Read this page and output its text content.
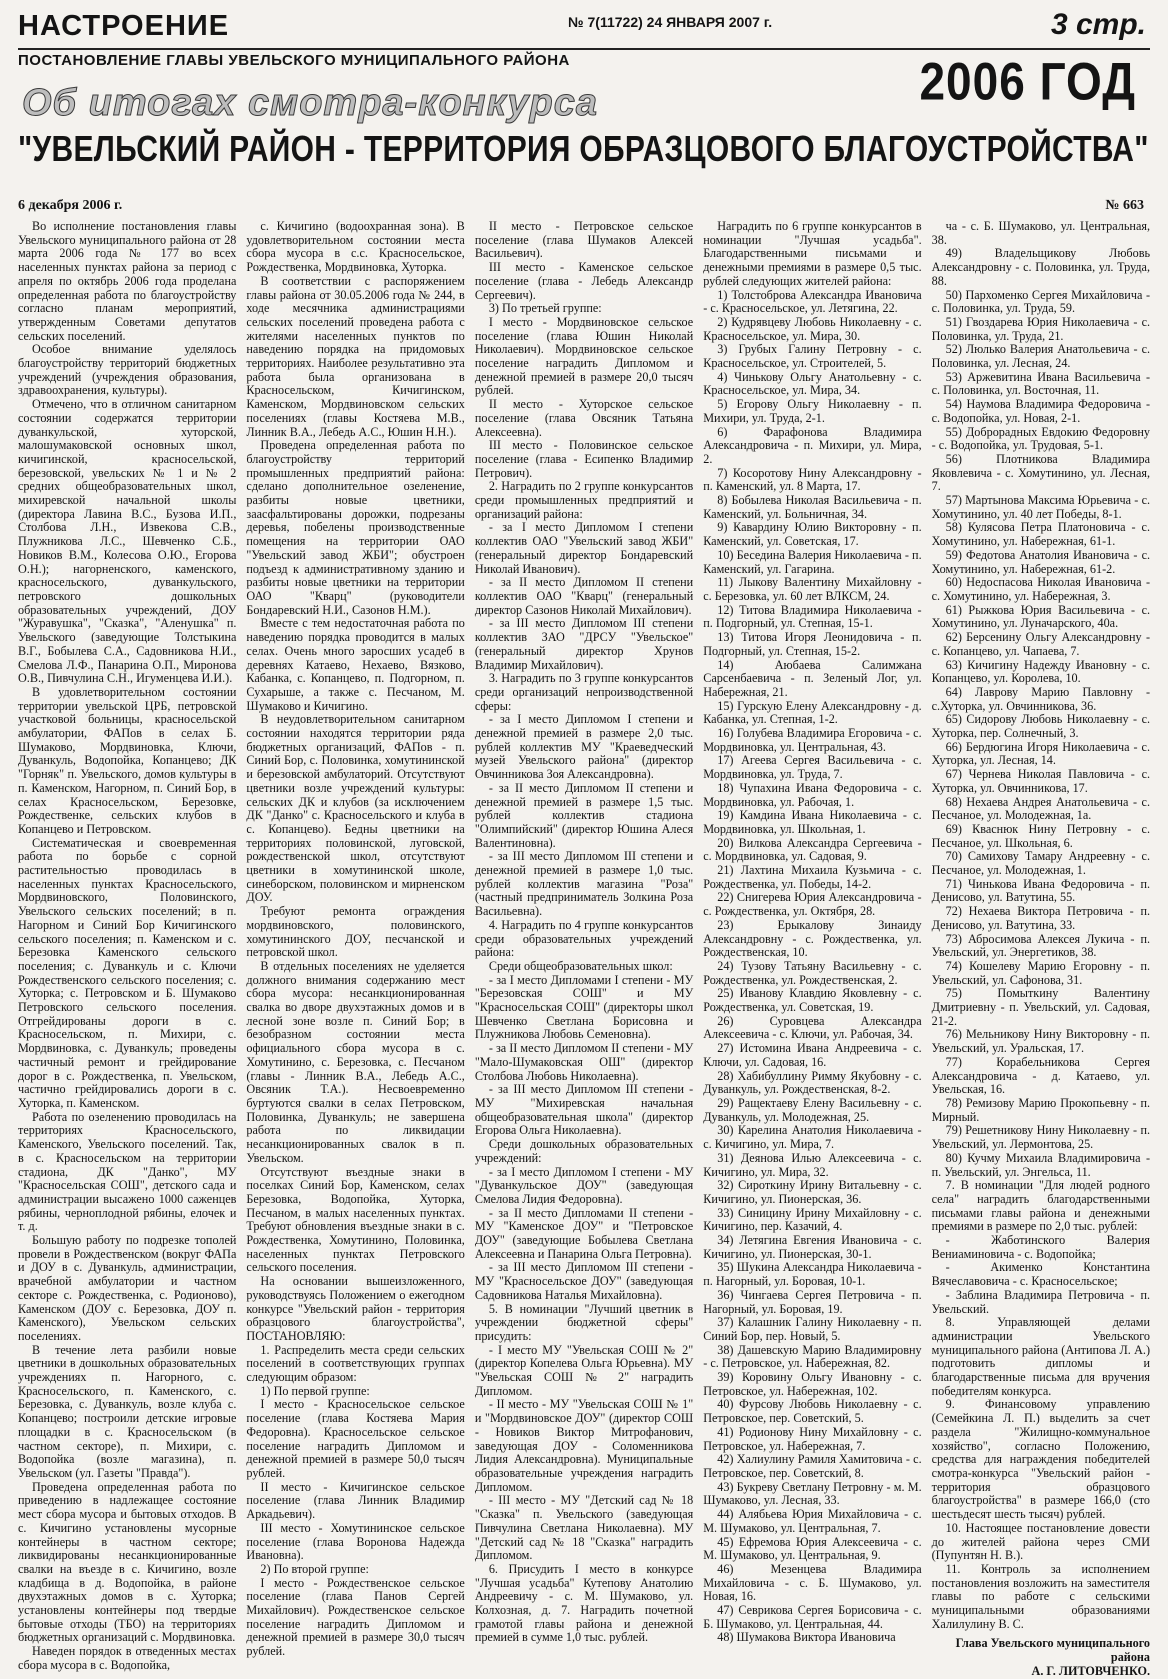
НАСТРОЕНИЕ	№ 7(11722) 24 ЯНВАРЯ 2007 г.	3 стр.
ПОСТАНОВЛЕНИЕ ГЛАВЫ УВЕЛЬСКОГО МУНИЦИПАЛЬНОГО РАЙОНА	2006 ГОД
Об итогах смотра-конкурса
"УВЕЛЬСКИЙ РАЙОН - ТЕРРИТОРИЯ ОБРАЗЦОВОГО БЛАГОУСТРОЙСТВА"
6 декабря 2006 г.	№ 663

Во исполнение постановления главы Увельского муниципального района от 28 марта 2006 года № 177 во всех населенных пунктах района за период с апреля по октябрь 2006 года проделана определенная работа по благоустройству согласно планам мероприятий, утвержденным Советами депутатов сельских поселений.

Особое внимание уделялось благоустройству территорий бюджетных учреждений (учреждения образования, здравоохранения, культуры).

Отмечено, что в отличном санитарном состоянии содержатся территории дуванкульской, хуторской, малошумаковской основных школ, кичигинской, красносельской, березовской, увельских № 1 и № 2 средних общеобразовательных школ, михиревской начальной школы (директора Лавина В.С., Бузова И.П., Столбова Л.Н., Извекова С.В., Плужникова Л.С., Шевченко С.Б., Новиков В.М., Колесова О.Ю., Егорова О.Н.); нагорненского, каменского, красносельского, дуванкульского, петровского дошкольных образовательных учреждений, ДОУ "Журавушка", "Сказка", "Аленушка" п. Увельского (заведующие Толстыкина В.Г., Бобылева С.А., Садовникова Н.И., Смелова Л.Ф., Панарина О.П., Миронова О.В., Пивчулина С.Н., Игуменцева И.И.).

В удовлетворительном состоянии территории увельской ЦРБ, петровской участковой больницы, красносельской амбулатории, ФАПов в селах Б. Шумаково, Мордвиновка, Ключи, Дуванкуль, Водопойка, Копанцево; ДК "Горняк" п. Увельского, домов культуры в п. Каменском, Нагорном, п. Синий Бор, в селах Красносельском, Березовке, Рождественке, сельских клубов в Копанцево и Петровском.

Систематическая и своевременная работа по борьбе с сорной растительностью проводилась в населенных пунктах Красносельского, Мордвиновского, Половинского, Увельского сельских поселений; в п. Нагорном и Синий Бор Кичигинского сельского поселения; п. Каменском и с. Березовка Каменского сельского поселения; с. Дуванкуль и с. Ключи Рождественского сельского поселения; с. Хуторка; с. Петровском и Б. Шумаково Петровского сельского поселения. Отгрейдированы дороги в с. Красносельском, п. Михири, с. Мордвиновка, с. Дуванкуль; проведены частичный ремонт и грейдирование дорог в с. Рождественка, п. Увельском, частично грейдировались дороги в с. Хуторка, п. Каменском.

Работа по озеленению проводилась на территориях Красносельского, Каменского, Увельского поселений. Так, в с. Красносельском на территории стадиона, ДК "Данко", МУ "Красносельская СОШ", детского сада и администрации высажено 1000 саженцев рябины, черноплодной рябины, елочек и т. д.

Большую работу по подрезке тополей провели в Рождественском (вокруг ФАПа и ДОУ в с. Дуванкуль, администрации, врачебной амбулатории и частном секторе с. Рождественка, с. Родионово), Каменском (ДОУ с. Березовка, ДОУ п. Каменского), Увельском сельских поселениях.

В течение лета разбили новые цветники в дошкольных образовательных учреждениях п. Нагорного, с. Красносельского, п. Каменского, с. Березовка, с. Дуванкуль, возле клуба с. Копанцево; построили детские игровые площадки в с. Красносельском (в частном секторе), п. Михири, с. Водопойка (возле магазина), п. Увельском (ул. Газеты "Правда").

Проведена определенная работа по приведению в надлежащее состояние мест сбора мусора и бытовых отходов. В с. Кичигино установлены мусорные контейнеры в частном секторе; ликвидированы несанкционированные свалки на въезде в с. Кичигино, возле кладбища в д. Водопойка, в районе двухэтажных домов в с. Хуторка; установлены контейнеры под твердые бытовые отходы (ТБО) на территориях бюджетных организаций с. Мордвиновка.

Наведен порядок в отведенных местах сбора мусора в с. Водопойка,

с. Кичигино (водоохранная зона). В удовлетворительном состоянии места сбора мусора в с.с. Красносельское, Рождественка, Мордвиновка, Хуторка.

В соответствии с распоряжением главы района от 30.05.2006 года № 244, в ходе месячника администрациями сельских поселений проведена работа с жителями населенных пунктов по наведению порядка на придомовых территориях. Наиболее результативно эта работа была организована в Красносельском, Кичигинском, Каменском, Мордвиновском сельских поселениях (главы Костяева М.В., Линник В.А., Лебедь А.С., Юшин Н.Н.).

Проведена определенная работа по благоустройству территорий промышленных предприятий района: сделано дополнительное озеленение, разбиты новые цветники, заасфальтированы дорожки, подрезаны деревья, побелены производственные помещения на территории ОАО "Увельский завод ЖБИ"; обустроен подъезд к административному зданию и разбиты новые цветники на территории ОАО "Кварц" (руководители Бондаревский Н.И., Сазонов Н.М.).

Вместе с тем недостаточная работа по наведению порядка проводится в малых селах. Очень много заросших усадеб в деревнях Катаево, Нехаево, Вязково, Кабанка, с. Копанцево, п. Подгорном, п. Сухарыше, а также с. Песчаном, М. Шумаково и Кичигино.

В неудовлетворительном санитарном состоянии находятся территории ряда бюджетных организаций, ФАПов - п. Синий Бор, с. Половинка, хомутининской и березовской амбулаторий. Отсутствуют цветники возле учреждений культуры: сельских ДК и клубов (за исключением ДК "Данко" с. Красносельского и клуба в с. Копанцево). Бедны цветники на территориях половинской, луговской, рождественской школ, отсутствуют цветники в хомутининской школе, синеборском, половинском и мирненском ДОУ.

Требуют ремонта ограждения мордвиновского, половинского, хомутининского ДОУ, песчанской и петровской школ.

В отдельных поселениях не уделяется должного внимания содержанию мест сбора мусора: несанкционированная свалка во дворе двухэтажных домов и в лесной зоне возле п. Синий Бор; в безобразном состоянии места официального сбора мусора в с. Хомутинино, с. Березовка, с. Песчаном (главы - Линник В.А., Лебедь А.С., Овсяник Т.А.). Несвоевременно буртуются свалки в селах Петровском, Половинка, Дуванкуль; не завершена работа по ликвидации несанкционированных свалок в п. Увельском.

Отсутствуют въездные знаки в поселках Синий Бор, Каменском, селах Березовка, Водопойка, Хуторка, Песчаном, в малых населенных пунктах. Требуют обновления въездные знаки в с. Рождественка, Хомутинино, Половинка, населенных пунктах Петровского сельского поселения.

На основании вышеизложенного, руководствуясь Положением о ежегодном конкурсе "Увельский район - территория образцового благоустройства", ПОСТАНОВЛЯЮ:

1. Распределить места среди сельских поселений в соответствующих группах следующим образом:

1) По первой группе:

I место - Красносельское сельское поселение (глава Костяева Мария Федоровна). Красносельское сельское поселение наградить Дипломом и денежной премией в размере 50,0 тысяч рублей.

II место - Кичигинское сельское поселение (глава Линник Владимир Аркадьевич).

III место - Хомутининское сельское поселение (глава Воронова Надежда Ивановна).

2) По второй группе:

I место - Рождественское сельское поселение (глава Панов Сергей Михайлович). Рождественское сельское поселение наградить Дипломом и денежной премией в размере 30,0 тысяч рублей.

II место - Петровское сельское поселение (глава Шумаков Алексей Васильевич).

III место - Каменское сельское поселение (глава - Лебедь Александр Сергеевич).

3) По третьей группе:

I место - Мордвиновское сельское поселение (глава Юшин Николай Николаевич). Мордвиновское сельское поселение наградить Дипломом и денежной премией в размере 20,0 тысяч рублей.

II место - Хуторское сельское поселение (глава Овсяник Татьяна Алексеевна).

III место - Половинское сельское поселение (глава - Есипенко Владимир Петрович).

2. Наградить по 2 группе конкурсантов среди промышленных предприятий и организаций района:

- за I место Дипломом I степени коллектив ОАО "Увельский завод ЖБИ" (генеральный директор Бондаревский Николай Иванович).

- за II место Дипломом II степени коллектив ОАО "Кварц" (генеральный директор Сазонов Николай Михайлович).

- за III место Дипломом III степени коллектив ЗАО "ДРСУ "Увельское" (генеральный директор Хрунов Владимир Михайлович).

3. Наградить по 3 группе конкурсантов среди организаций непроизводственной сферы:

- за I место Дипломом I степени и денежной премией в размере 2,0 тыс. рублей коллектив МУ "Краеведческий музей Увельского района" (директор Овчинникова Зоя Александровна).

- за II место Дипломом II степени и денежной премией в размере 1,5 тыс. рублей коллектив стадиона "Олимпийский" (директор Юшина Алеся Валентиновна).

- за III место Дипломом III степени и денежной премией в размере 1,0 тыс. рублей коллектив магазина "Роза" (частный предприниматель Золкина Роза Васильевна).

4. Наградить по 4 группе конкурсантов среди образовательных учреждений района:

Среди общеобразовательных школ:

- за I место Дипломами I степени - МУ "Березовская СОШ" и МУ "Красносельская СОШ" (директоры школ Шевченко Светлана Борисовна и Плужникова Любовь Семеновна).

- за II место Дипломом II степени - МУ "Мало-Шумаковская ОШ" (директор Столбова Любовь Николаевна).

- за III место Дипломом III степени - МУ "Михиревская начальная общеобразовательная школа" (директор Егорова Ольга Николаевна).

Среди дошкольных образовательных учреждений:

- за I место Дипломом I степени - МУ "Дуванкульское ДОУ" (заведующая Смелова Лидия Федоровна).

- за II место Дипломами II степени - МУ "Каменское ДОУ" и "Петровское ДОУ" (заведующие Бобылева Светлана Алексеевна и Панарина Ольга Петровна).

- за III место Дипломом III степени - МУ "Красносельское ДОУ" (заведующая Садовникова Наталья Михайловна).

5. В номинации "Лучший цветник в учреждении бюджетной сферы" присудить:

- I место МУ "Увельская СОШ № 2" (директор Копелева Ольга Юрьевна). МУ "Увельская СОШ № 2" наградить Дипломом.

- II место - МУ "Увельская СОШ № 1" и "Мордвиновское ДОУ" (директор СОШ - Новиков Виктор Митрофанович, заведующая ДОУ - Соломенникова Лидия Александровна). Муниципальные образовательные учреждения наградить Дипломом.

- III место - МУ "Детский сад № 18 "Сказка" п. Увельского (заведующая Пивчулина Светлана Николаевна). МУ "Детский сад № 18 "Сказка" наградить Дипломом.

6. Присудить I место в конкурсе "Лучшая усадьба" Кутепову Анатолию Андреевичу - с. М. Шумаково, ул. Колхозная, д. 7. Наградить почетной грамотой главы района и денежной премией в сумме 1,0 тыс. рублей.

Наградить по 6 группе конкурсантов в номинации "Лучшая усадьба". Благодарственными письмами и денежными премиями в размере 0,5 тыс. рублей следующих жителей района:

1) Толстоброва Александра Ивановича - с. Красносельское, ул. Летягина, 22.

2) Кудрявцеву Любовь Николаевну - с. Красносельское, ул. Мира, 30.

3) Грубых Галину Петровну - с. Красносельское, ул. Строителей, 5.

4) Чинькову Ольгу Анатольевну - с. Красносельское, ул. Мира, 34.

5) Егорову Ольгу Николаевну - п. Михири, ул. Труда, 2-1.

6) Фарафонова Владимира Александровича - п. Михири, ул. Мира, 2.

7) Косоротову Нину Александровну - п. Каменский, ул. 8 Марта, 17.

8) Бобылева Николая Васильевича - п. Каменский, ул. Больничная, 34.

9) Кавардину Юлию Викторовну - п. Каменский, ул. Советская, 17.

10) Беседина Валерия Николаевича - п. Каменский, ул. Гагарина.

11) Лыкову Валентину Михайловну - с. Березовка, ул. 60 лет ВЛКСМ, 24.

12) Титова Владимира Николаевича - п. Подгорный, ул. Степная, 15-1.

13) Титова Игоря Леонидовича - п. Подгорный, ул. Степная, 15-2.

14) Аюбаева Салимжана Сарсенбаевича - п. Зеленый Лог, ул. Набережная, 21.

15) Гурскую Елену Александровну - д. Кабанка, ул. Степная, 1-2.

16) Голубева Владимира Егоровича - с. Мордвиновка, ул. Центральная, 43.

17) Агеева Сергея Васильевича - с. Мордвиновка, ул. Труда, 7.

18) Чупахина Ивана Федоровича - с. Мордвиновка, ул. Рабочая, 1.

19) Камдина Ивана Николаевича - с. Мордвиновка, ул. Школьная, 1.

20) Вилкова Александра Сергеевича - с. Мордвиновка, ул. Садовая, 9.

21) Лахтина Михаила Кузьмича - с. Рождественка, ул. Победы, 14-2.

22) Снигерева Юрия Александровича - с. Рождественка, ул. Октября, 28.

23) Ерыкалову Зинаиду Александровну - с. Рождественка, ул. Рождественская, 10.

24) Тузову Татьяну Васильевну - с. Рождественка, ул. Рождественская, 2.

25) Иванову Клавдию Яковлевну - с. Рождественка, ул. Советская, 19.

26) Суровцева Александра Алексеевича - с. Ключи, ул. Рабочая, 34.

27) Истомина Ивана Андреевича - с. Ключи, ул. Садовая, 16.

28) Хабибуллину Римму Якубовну - с. Дуванкуль, ул. Рождественская, 8-2.

29) Ращектаеву Елену Васильевну - с. Дуванкуль, ул. Молодежная, 25.

30) Карелина Анатолия Николаевича - с. Кичигино, ул. Мира, 7.

31) Деянова Илью Алексеевича - с. Кичигино, ул. Мира, 32.

32) Сироткину Ирину Витальевну - с. Кичигино, ул. Пионерская, 36.

33) Синицину Ирину Михайловну - с. Кичигино, пер. Казачий, 4.

34) Летягина Евгения Ивановича - с. Кичигино, ул. Пионерская, 30-1.

35) Шукина Александра Николаевича - п. Нагорный, ул. Боровая, 10-1.

36) Чингаева Сергея Петровича - п. Нагорный, ул. Боровая, 19.

37) Калашник Галину Николаевну - п. Синий Бор, пер. Новый, 5.

38) Дашевскую Марию Владимировну - с. Петровское, ул. Набережная, 82.

39) Коровину Ольгу Ивановну - с. Петровское, ул. Набережная, 102.

40) Фурсову Любовь Николаевну - с. Петровское, пер. Советский, 5.

41) Родионову Нину Михайловну - с. Петровское, ул. Набережная, 7.

42) Халиулину Рамиля Хамитовича - с. Петровское, пер. Советский, 8.

43) Букреву Светлану Петровну - м. М. Шумаково, ул. Лесная, 33.

44) Алябьева Юрия Михайловича - с. М. Шумаково, ул. Центральная, 7.

45) Ефремова Юрия Алексеевича - с. М. Шумаково, ул. Центральная, 9.

46) Мезенцева Владимира Михайловича - с. Б. Шумаково, ул. Новая, 16.

47) Севрикова Сергея Борисовича - с. Б. Шумаково, ул. Центральная, 44.

48) Шумакова Виктора Ивановича

ча - с. Б. Шумаково, ул. Центральная, 38.

49) Владельщикову Любовь Александровну - с. Половинка, ул. Труда, 88.

50) Пархоменко Сергея Михайловича - с. Половинка, ул. Труда, 59.

51) Гвоздарева Юрия Николаевича - с. Половинка, ул. Труда, 21.

52) Люлько Валерия Анатольевича - с. Половинка, ул. Лесная, 24.

53) Аржевитина Ивана Васильевича - с. Половинка, ул. Восточная, 11.

54) Наумова Владимира Федоровича - с. Водопойка, ул. Новая, 2-1.

55) Доброрадных Евдокию Федоровну - с. Водопойка, ул. Трудовая, 5-1.

56) Плотникова Владимира Яковлевича - с. Хомутинино, ул. Лесная, 7.

57) Мартынова Максима Юрьевича - с. Хомутинино, ул. 40 лет Победы, 8-1.

58) Кулясова Петра Платоновича - с. Хомутинино, ул. Набережная, 61-1.

59) Федотова Анатолия Ивановича - с. Хомутинино, ул. Набережная, 61-2.

60) Недоспасова Николая Ивановича - с. Хомутинино, ул. Набережная, 3.

61) Рыжкова Юрия Васильевича - с. Хомутинино, ул. Луначарского, 40а.

62) Берсенину Ольгу Александровну - с. Копанцево, ул. Чапаева, 7.

63) Кичигину Надежду Ивановну - с. Копанцево, ул. Королева, 10.

64) Лаврову Марию Павловну - с.Хуторка, ул. Овчинникова, 36.

65) Сидорову Любовь Николаевну - с. Хуторка, пер. Солнечный, 3.

66) Бердюгина Игоря Николаевича - с. Хуторка, ул. Лесная, 14.

67) Чернева Николая Павловича - с. Хуторка, ул. Овчинникова, 17.

68) Нехаева Андрея Анатольевича - с. Песчаное, ул. Молодежная, 1а.

69) Кваснюк Нину Петровну - с. Песчаное, ул. Школьная, 6.

70) Самихову Тамару Андреевну - с. Песчаное, ул. Молодежная, 1.

71) Чинькова Ивана Федоровича - п. Денисово, ул. Ватутина, 55.

72) Нехаева Виктора Петровича - п. Денисово, ул. Ватутина, 33.

73) Абросимова Алексея Лукича - п. Увельский, ул. Энергетиков, 38.

74) Кошелеву Марию Егоровну - п. Увельский, ул. Сафонова, 31.

75) Помыткину Валентину Дмитриевну - п. Увельский, ул. Садовая, 21-2.

76) Мельникову Нину Викторовну - п. Увельский, ул. Уральская, 17.

77) Корабельникова Сергея Александровича - д. Катаево, ул. Увельская, 16.

78) Ремизову Марию Прокопьевну - п. Мирный.

79) Решетникову Нину Николаевну - п. Увельский, ул. Лермонтова, 25.

80) Кучму Михаила Владимировича - п. Увельский, ул. Энгельса, 11.

7. В номинации "Для людей родного села" наградить благодарственными письмами главы района и денежными премиями в размере по 2,0 тыс. рублей:

- Жаботинского Валерия Вениаминовича - с. Водопойка;

- Акименко Константина Вячеславовича - с. Красносельское;

- Заблина Владимира Петровича - п. Увельский.

8. Управляющей делами администрации Увельского муниципального района (Антипова Л. А.) подготовить дипломы и благодарственные письма для вручения победителям конкурса.

9. Финансовому управлению (Семейкина Л. П.) выделить за счет раздела "Жилищно-коммунальное хозяйство", согласно Положению, средства для награждения победителей смотра-конкурса "Увельский район - территория образцового благоустройства" в размере 166,0 (сто шестьдесят шесть тысяч) рублей.

10. Настоящее постановление довести до жителей района через СМИ (Пупунтян Н. В.).

11. Контроль за исполнением постановления возложить на заместителя главы по работе с сельскими муниципальными образованиями Халилулину В. С.

Глава Увельского муниципального района
А. Г. ЛИТОВЧЕНКО.
